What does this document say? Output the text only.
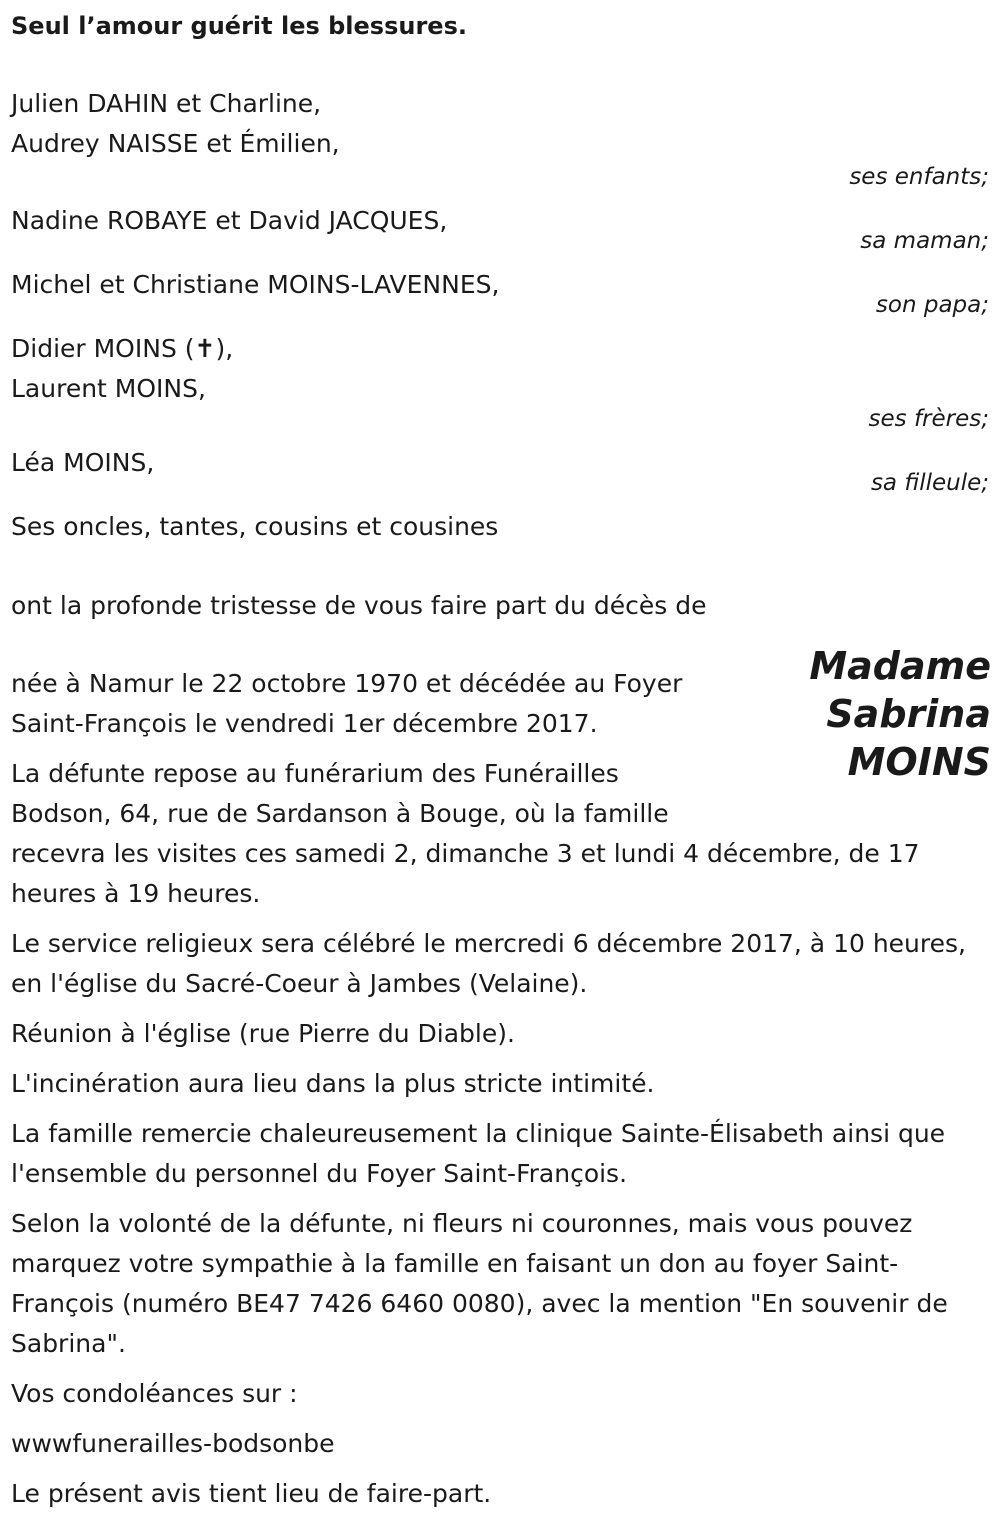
Seul l’amour guérit les blessures.

Julien DAHIN et Charline,

Audrey NAISSE et Émilien,

ses enfants;

Nadine ROBAYE et David JACQUES,

sa maman;

Michel et Christiane MOINS-LAVENNES,

son papa;

Didier MOINS (✝),

Laurent MOINS,

ses frères;

Léa MOINS,

sa filleule;

Ses oncles, tantes, cousins et cousines

ont la profonde tristesse de vous faire part du décès de

Madame
Sabrina
MOINS

née à Namur le 22 octobre 1970 et décédée au Foyer Saint-François le vendredi 1er décembre 2017.

La défunte repose au funérarium des Funérailles
Bodson, 64, rue de Sardanson à Bouge, où la famille
recevra les visites ces samedi 2, dimanche 3 et lundi 4 décembre, de 17 heures à 19 heures.

Le service religieux sera célébré le mercredi 6 décembre 2017, à 10 heures, en l'église du Sacré-Coeur à Jambes (Velaine).

Réunion à l'église (rue Pierre du Diable).

L'incinération aura lieu dans la plus stricte intimité.

La famille remercie chaleureusement la clinique Sainte-Élisabeth ainsi que l'ensemble du personnel du Foyer Saint-François.

Selon la volonté de la défunte, ni fleurs ni couronnes, mais vous pouvez marquez votre sympathie à la famille en faisant un don au foyer Saint-François (numéro BE47 7426 6460 0080), avec la mention "En souvenir de Sabrina".

Vos condoléances sur :

wwwfunerailles-bodsonbe

Le présent avis tient lieu de faire-part.
